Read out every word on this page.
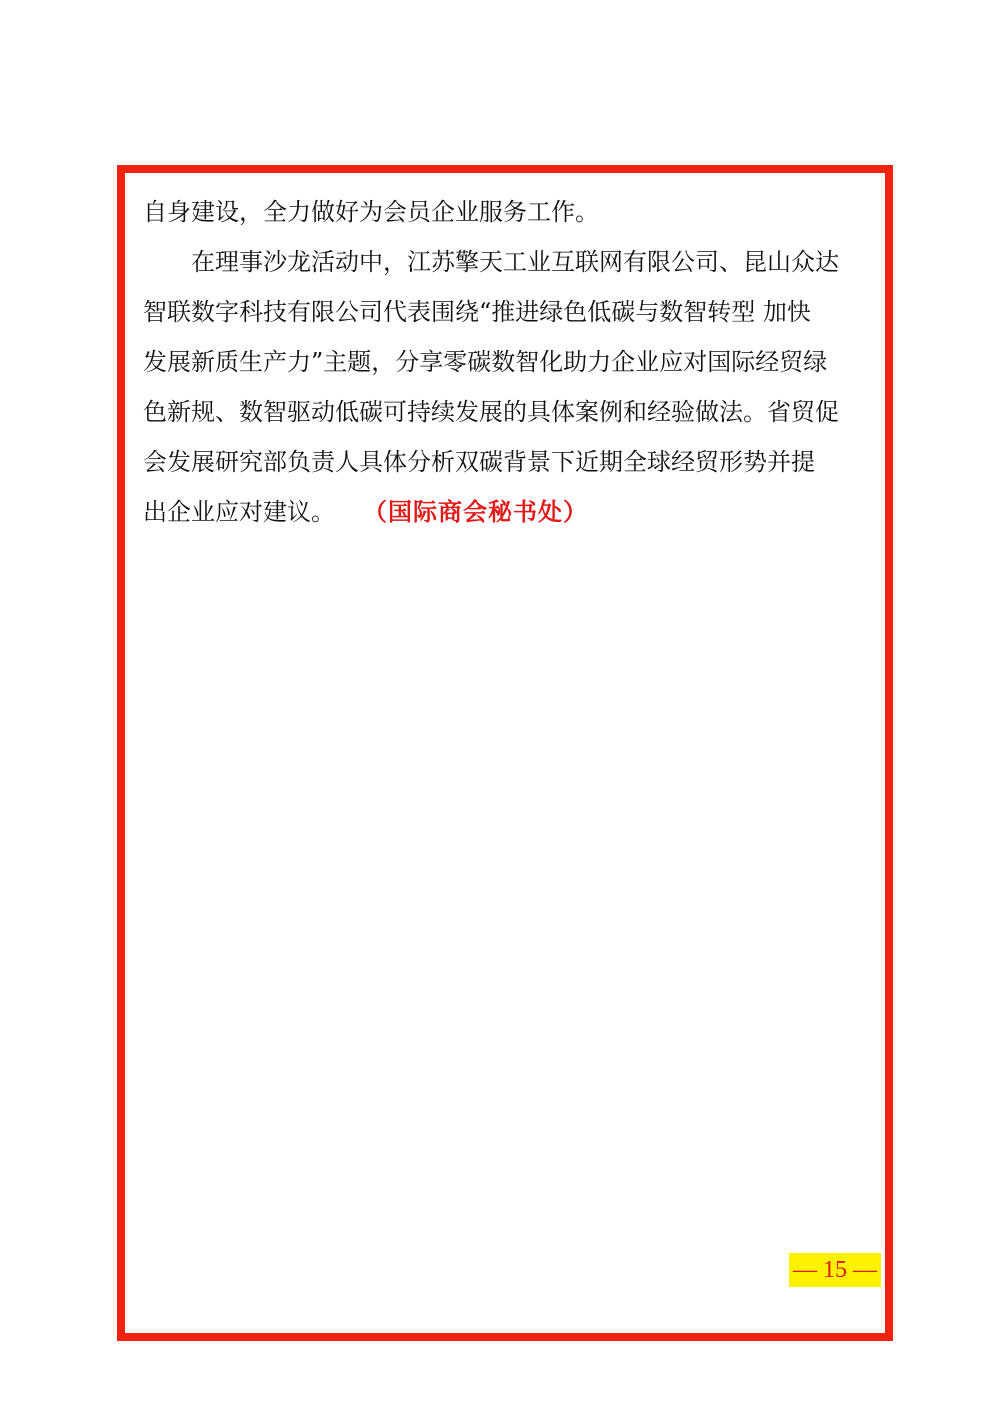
自身建设，全力做好为会员企业服务工作。
在理事沙龙活动中，江苏擎天工业互联网有限公司、昆山众达
智联数字科技有限公司代表围绕“推进绿色低碳与数智转型 加快
发展新质生产力”主题，分享零碳数智化助力企业应对国际经贸绿
色新规、数智驱动低碳可持续发展的具体案例和经验做法。省贸促
会发展研究部负责人具体分析双碳背景下近期全球经贸形势并提
出企业应对建议。 （国际商会秘书处）
— 15 —
